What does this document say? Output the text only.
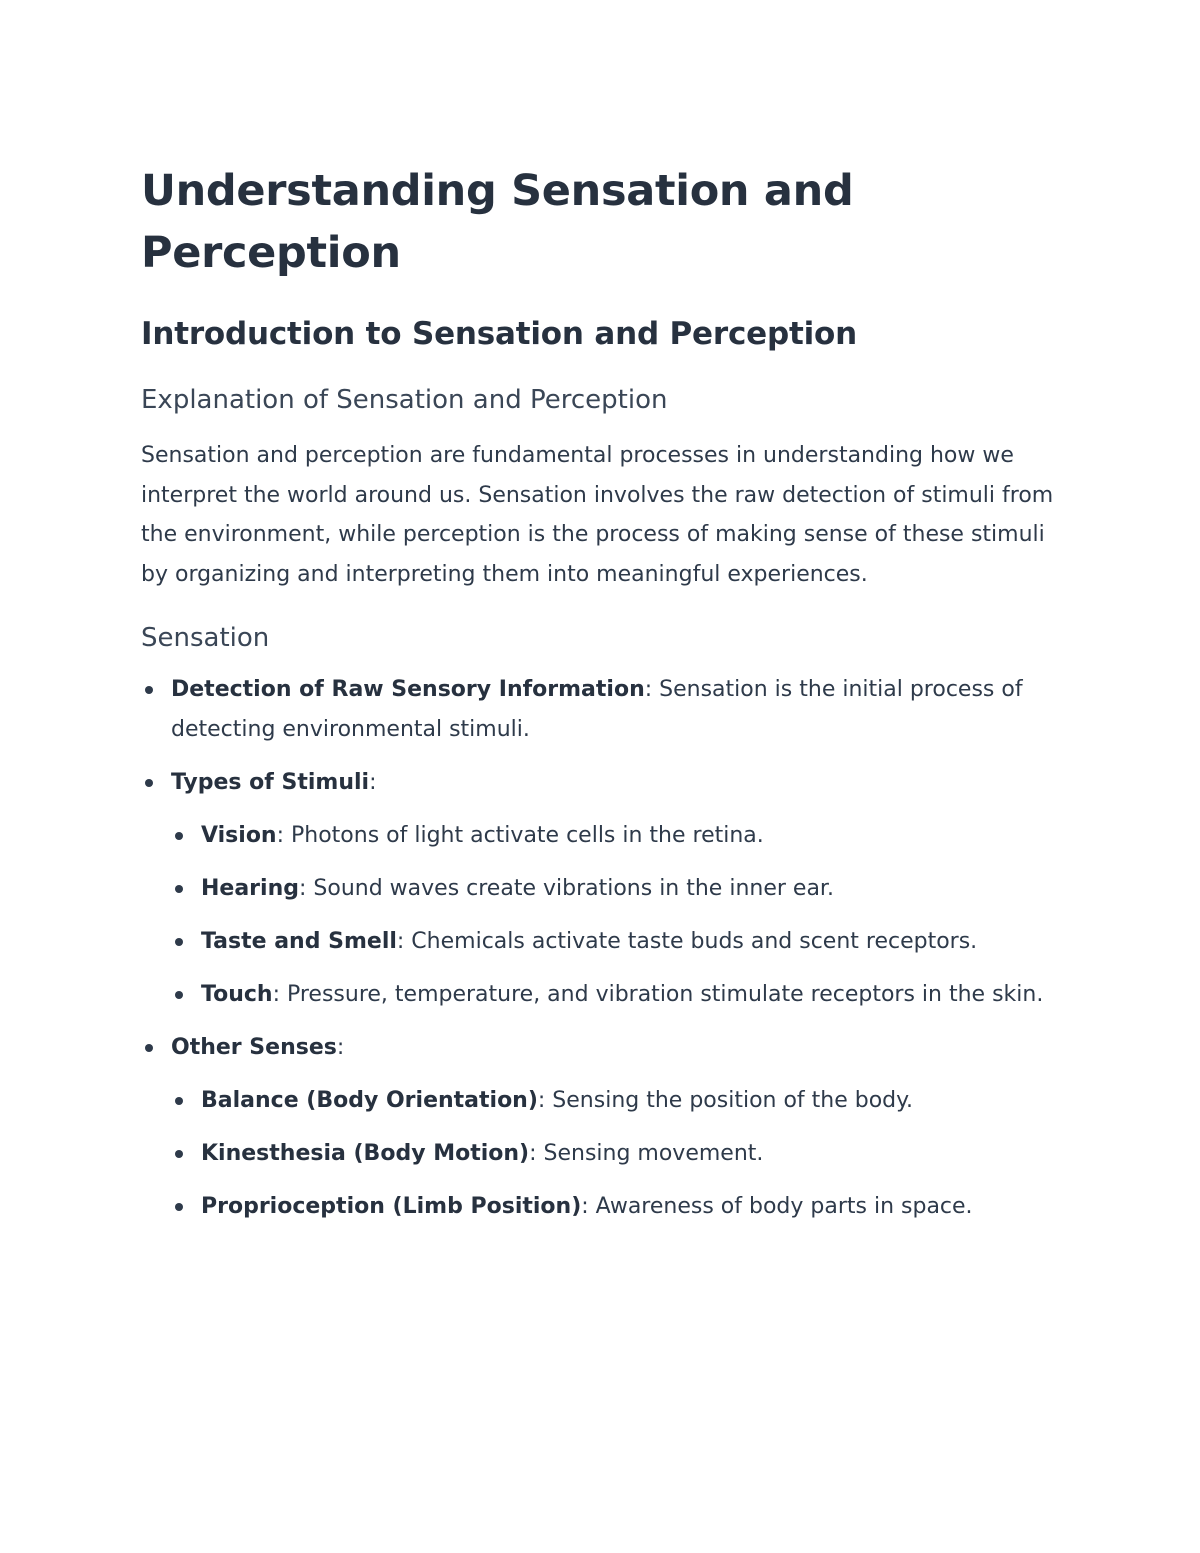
Understanding Sensation and Perception
Introduction to Sensation and Perception
Explanation of Sensation and Perception

Sensation and perception are fundamental processes in understanding how we interpret the world around us. Sensation involves the raw detection of stimuli from the environment, while perception is the process of making sense of these stimuli by organizing and interpreting them into meaningful experiences.

Sensation
Detection of Raw Sensory Information: Sensation is the initial process of detecting environmental stimuli.
Types of Stimuli:
Vision: Photons of light activate cells in the retina.
Hearing: Sound waves create vibrations in the inner ear.
Taste and Smell: Chemicals activate taste buds and scent receptors.
Touch: Pressure, temperature, and vibration stimulate receptors in the skin.
Other Senses:
Balance (Body Orientation): Sensing the position of the body.
Kinesthesia (Body Motion): Sensing movement.
Proprioception (Limb Position): Awareness of body parts in space.
